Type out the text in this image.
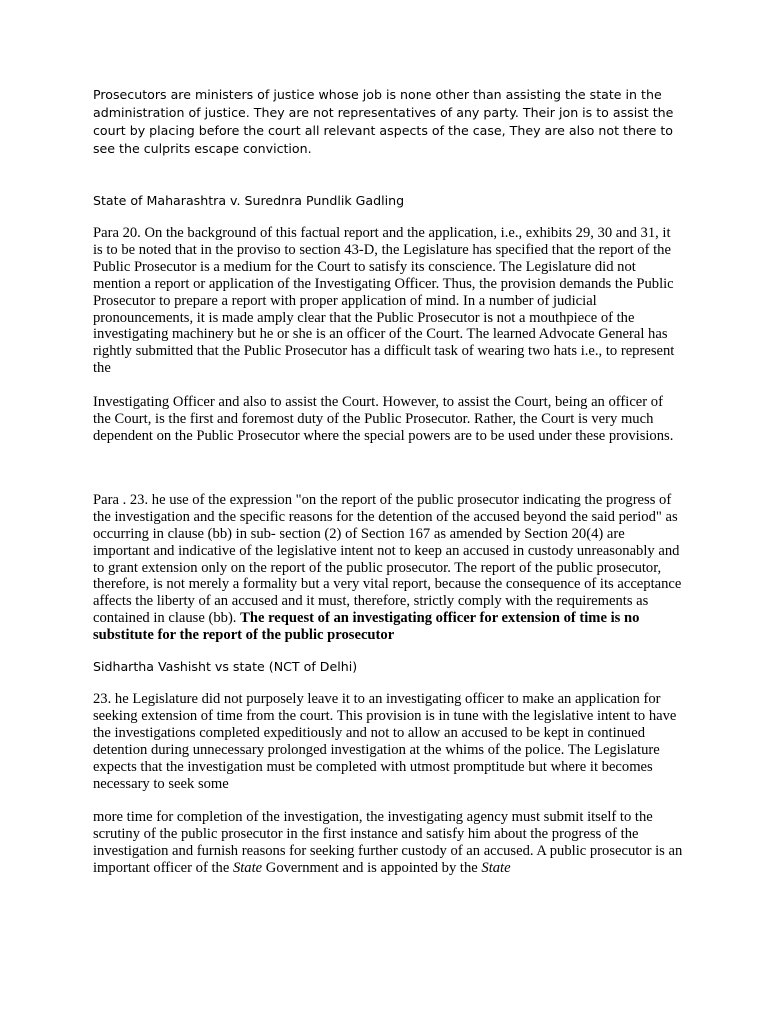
Prosecutors are ministers of justice whose job is none other than assisting the state in the administration of justice. They are not representatives of any party. Their jon is to assist the court by placing before the court all relevant aspects of the case, They are also not there to see the culprits escape conviction.

State of Maharashtra v. Surednra Pundlik Gadling

Para 20. On the background of this factual report and the application, i.e., exhibits 29, 30 and 31, it is to be noted that in the proviso to section 43-D, the Legislature has specified that the report of the Public Prosecutor is a medium for the Court to satisfy its conscience. The Legislature did not mention a report or application of the Investigating Officer. Thus, the provision demands the Public Prosecutor to prepare a report with proper application of mind. In a number of judicial pronouncements, it is made amply clear that the Public Prosecutor is not a mouthpiece of the investigating machinery but he or she is an officer of the Court. The learned Advocate General has rightly submitted that the Public Prosecutor has a difficult task of wearing two hats i.e., to represent the

Investigating Officer and also to assist the Court. However, to assist the Court, being an officer of the Court, is the first and foremost duty of the Public Prosecutor. Rather, the Court is very much dependent on the Public Prosecutor where the special powers are to be used under these provisions.

Para . 23. he use of the expression "on the report of the public prosecutor indicating the progress of the investigation and the specific reasons for the detention of the accused beyond the said period" as occurring in clause (bb) in sub- section (2) of Section 167 as amended by Section 20(4) are important and indicative of the legislative intent not to keep an accused in custody unreasonably and to grant extension only on the report of the public prosecutor. The report of the public prosecutor, therefore, is not merely a formality but a very vital report, because the consequence of its acceptance affects the liberty of an accused and it must, therefore, strictly comply with the requirements as contained in clause (bb). The request of an investigating officer for extension of time is no substitute for the report of the public prosecutor

Sidhartha Vashisht vs state (NCT of Delhi)

23. he Legislature did not purposely leave it to an investigating officer to make an application for seeking extension of time from the court. This provision is in tune with the legislative intent to have the investigations completed expeditiously and not to allow an accused to be kept in continued detention during unnecessary prolonged investigation at the whims of the police. The Legislature expects that the investigation must be completed with utmost promptitude but where it becomes necessary to seek some

more time for completion of the investigation, the investigating agency must submit itself to the scrutiny of the public prosecutor in the first instance and satisfy him about the progress of the investigation and furnish reasons for seeking further custody of an accused. A public prosecutor is an important officer of the State Government and is appointed by the State
